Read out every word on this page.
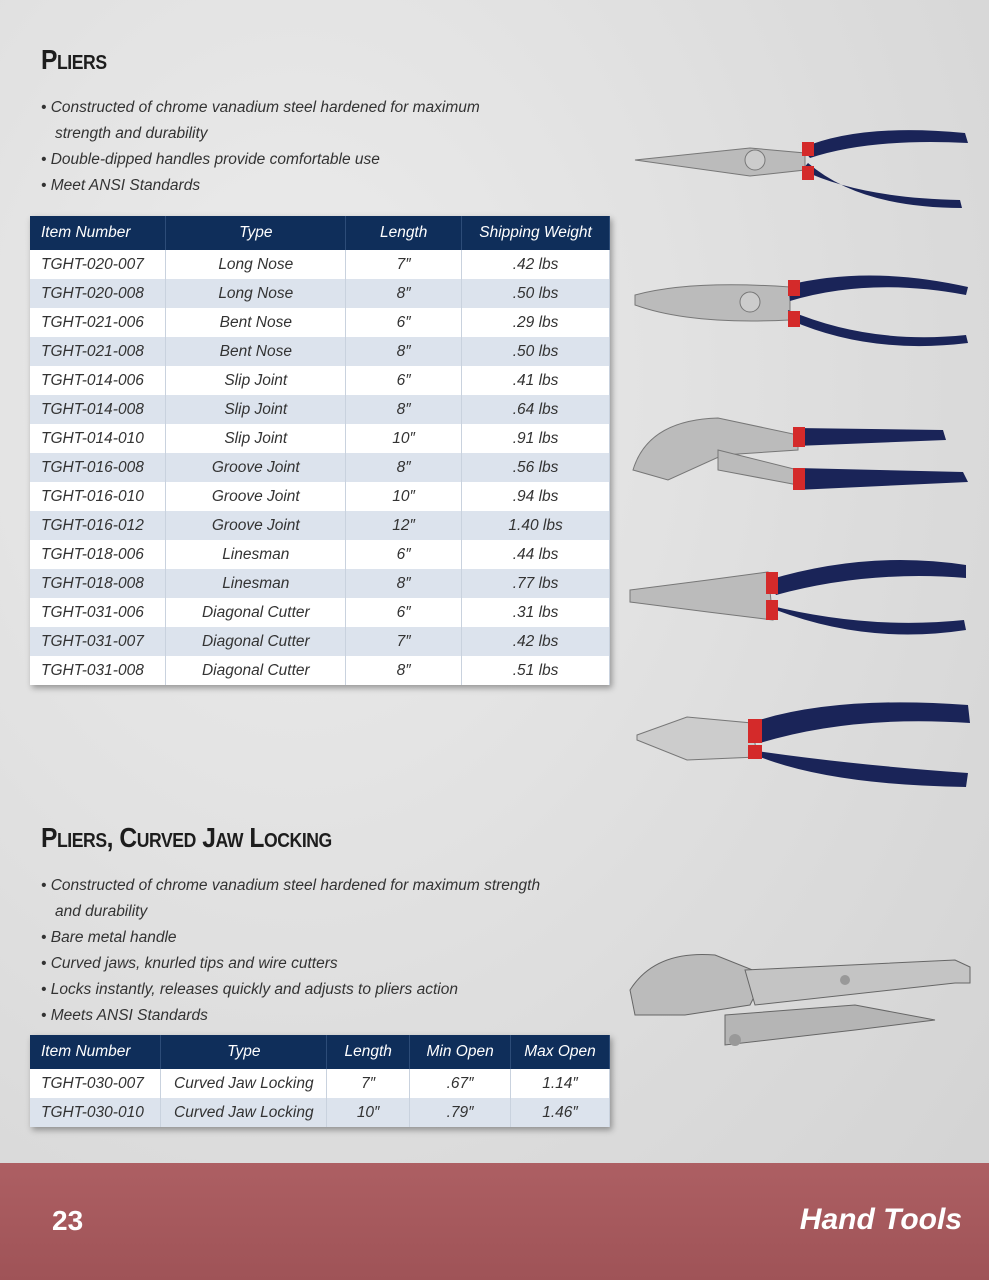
Pliers
• Constructed of chrome vanadium steel hardened for maximum
strength and durability
• Double-dipped handles provide comfortable use
• Meet ANSI Standards
Item Number	Type	Length	Shipping Weight
TGHT-020-007	Long Nose	7″	.42 lbs
TGHT-020-008	Long Nose	8″	.50 lbs
TGHT-021-006	Bent Nose	6″	.29 lbs
TGHT-021-008	Bent Nose	8″	.50 lbs
TGHT-014-006	Slip Joint	6″	.41 lbs
TGHT-014-008	Slip Joint	8″	.64 lbs
TGHT-014-010	Slip Joint	10″	.91 lbs
TGHT-016-008	Groove Joint	8″	.56 lbs
TGHT-016-010	Groove Joint	10″	.94 lbs
TGHT-016-012	Groove Joint	12″	1.40 lbs
TGHT-018-006	Linesman	6″	.44 lbs
TGHT-018-008	Linesman	8″	.77 lbs
TGHT-031-006	Diagonal Cutter	6″	.31 lbs
TGHT-031-007	Diagonal Cutter	7″	.42 lbs
TGHT-031-008	Diagonal Cutter	8″	.51 lbs
Pliers, Curved Jaw Locking
• Constructed of chrome vanadium steel hardened for maximum strength
and durability
• Bare metal handle
• Curved jaws, knurled tips and wire cutters
• Locks instantly, releases quickly and adjusts to pliers action
• Meets ANSI Standards
Item Number	Type	Length	Min Open	Max Open
TGHT-030-007	Curved Jaw Locking	7″	.67″	1.14″
TGHT-030-010	Curved Jaw Locking	10″	.79″	1.46″
23	Hand Tools
